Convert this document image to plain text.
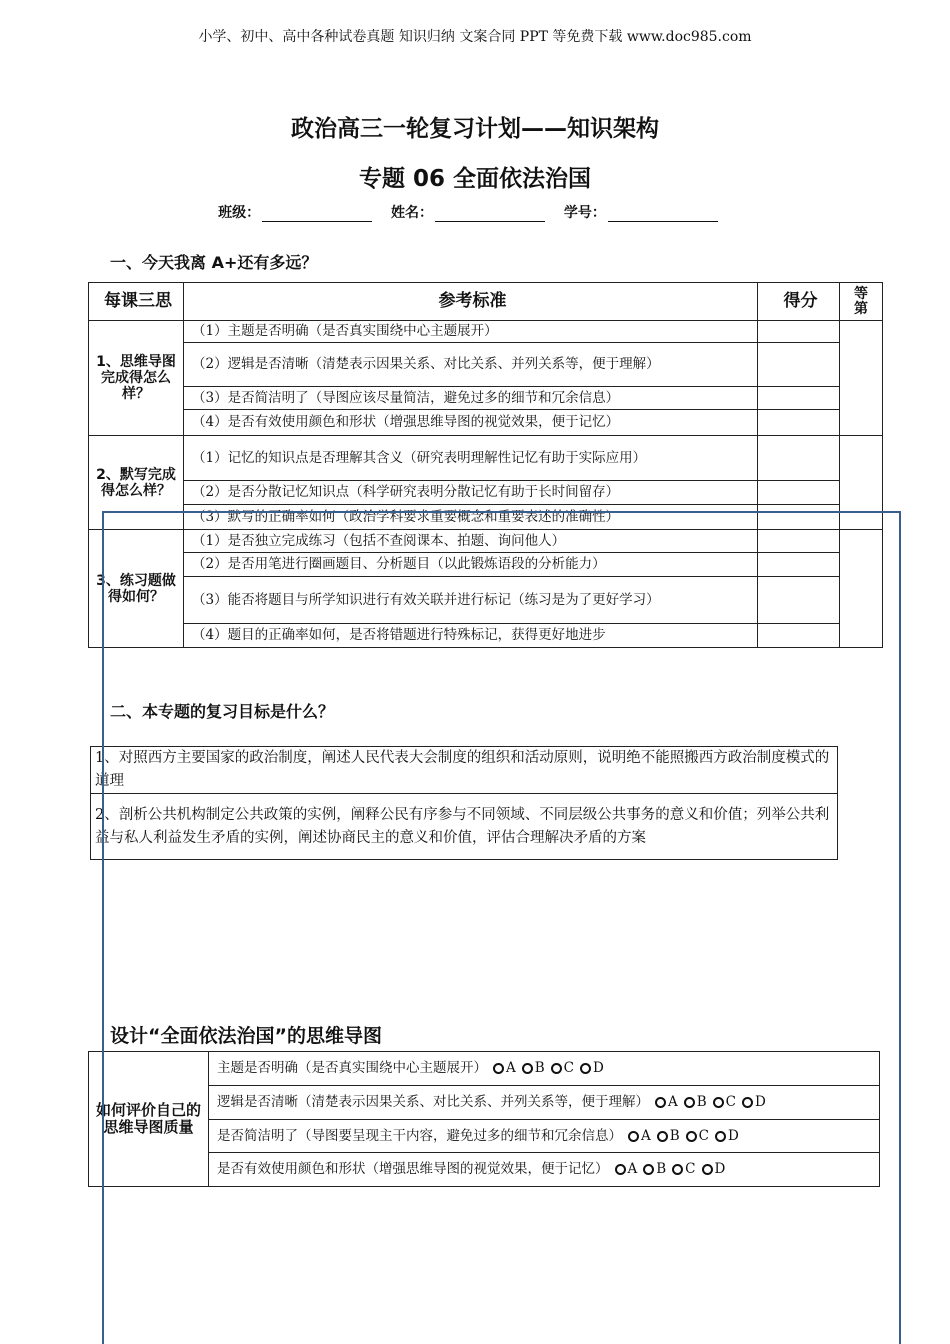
小学、初中、高中各种试卷真题 知识归纳 文案合同 PPT 等免费下载 www.doc985.com
政治高三一轮复习计划——知识架构
专题 06 全面依法治国
班级：	姓名：	学号：
一、今天我离 A+还有多远？
每课三思	参考标准	得分	等第
1、思维导图完成得怎么样？	（1）主题是否明确（是否真实围绕中心主题展开）		
	（2）逻辑是否清晰（清楚表示因果关系、对比关系、并列关系等，便于理解）		
	（3）是否简洁明了（导图应该尽量简洁，避免过多的细节和冗余信息）		
	（4）是否有效使用颜色和形状（增强思维导图的视觉效果，便于记忆）		
2、默写完成得怎么样？	（1）记忆的知识点是否理解其含义（研究表明理解性记忆有助于实际应用）		
	（2）是否分散记忆知识点（科学研究表明分散记忆有助于长时间留存）		
	（3）默写的正确率如何（政治学科要求重要概念和重要表述的准确性）		
3、练习题做得如何？	（1）是否独立完成练习（包括不查阅课本、拍题、询问他人）		
	（2）是否用笔进行圈画题目、分析题目（以此锻炼语段的分析能力）		
	（3）能否将题目与所学知识进行有效关联并进行标记（练习是为了更好学习）		
	（4）题目的正确率如何，是否将错题进行特殊标记，获得更好地进步		
二、本专题的复习目标是什么？
1、对照西方主要国家的政治制度，阐述人民代表大会制度的组织和活动原则，说明绝不能照搬西方政治制度模式的道理
2、剖析公共机构制定公共政策的实例，阐释公民有序参与不同领域、不同层级公共事务的意义和价值；列举公共利益与私人利益发生矛盾的实例，阐述协商民主的意义和价值，评估合理解决矛盾的方案
设计“全面依法治国”的思维导图
如何评价自己的思维导图质量	主题是否明确（是否真实围绕中心主题展开） A B C D
逻辑是否清晰（清楚表示因果关系、对比关系、并列关系等，便于理解） A B C D
是否简洁明了（导图要呈现主干内容，避免过多的细节和冗余信息） A B C D
是否有效使用颜色和形状（增强思维导图的视觉效果，便于记忆） A B C D
